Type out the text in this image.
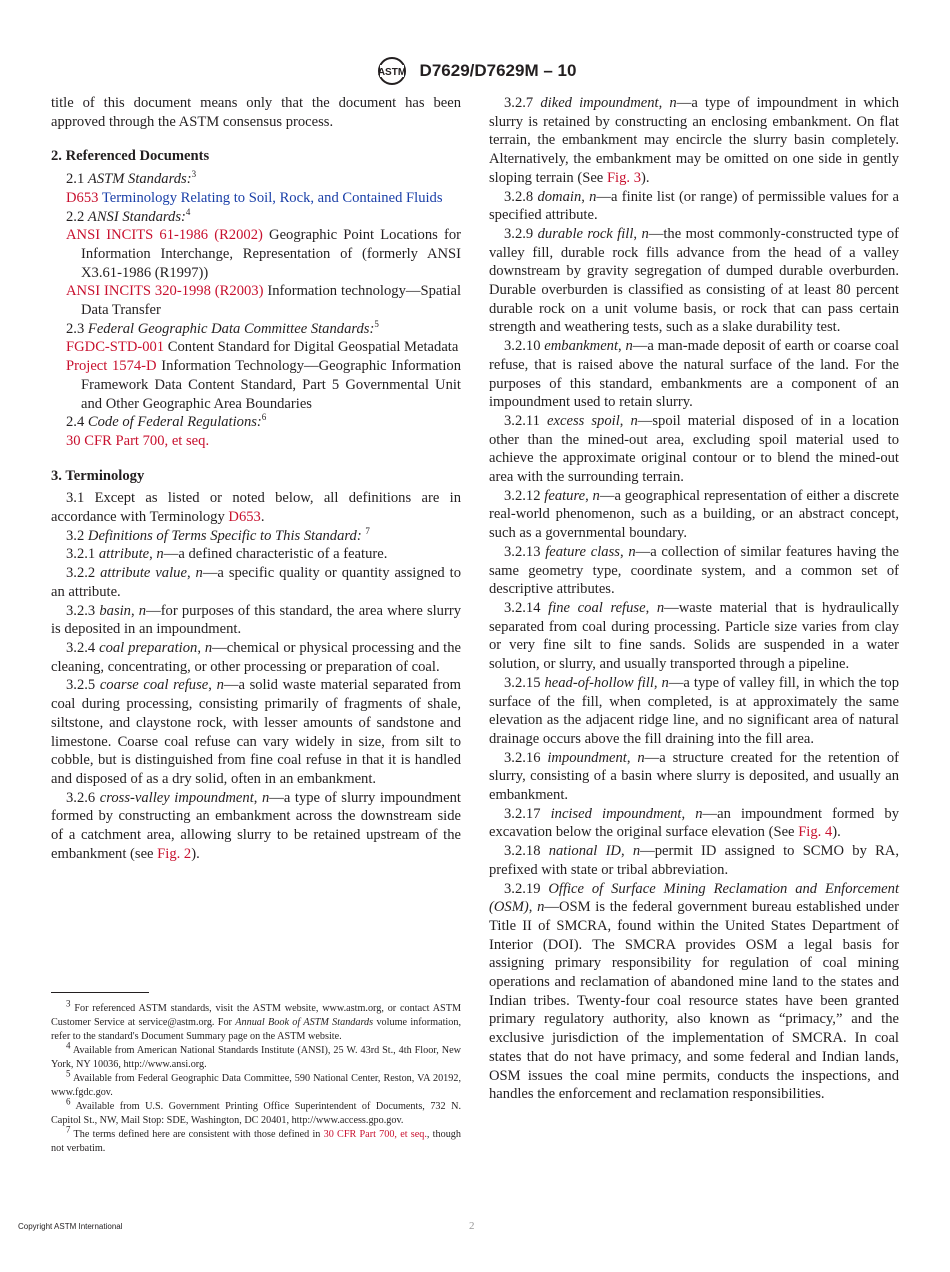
ASTM D7629/D7629M – 10

title of this document means only that the document has been approved through the ASTM consensus process.

2. Referenced Documents

2.1 ASTM Standards:$^3$

D653 Terminology Relating to Soil, Rock, and Contained Fluids

2.2 ANSI Standards:$^4$

ANSI INCITS 61-1986 (R2002) Geographic Point Locations for Information Interchange, Representation of (formerly ANSI X3.61-1986 (R1997))

ANSI INCITS 320-1998 (R2003) Information technology—Spatial Data Transfer

2.3 Federal Geographic Data Committee Standards:$^5$

FGDC-STD-001 Content Standard for Digital Geospatial Metadata

Project 1574-D Information Technology—Geographic Information Framework Data Content Standard, Part 5 Governmental Unit and Other Geographic Area Boundaries

2.4 Code of Federal Regulations:$^6$

30 CFR Part 700, et seq.

3. Terminology

3.1 Except as listed or noted below, all definitions are in accordance with Terminology D653.

3.2 Definitions of Terms Specific to This Standard: $^7$

3.2.1 attribute, n—a defined characteristic of a feature.

3.2.2 attribute value, n—a specific quality or quantity assigned to an attribute.

3.2.3 basin, n—for purposes of this standard, the area where slurry is deposited in an impoundment.

3.2.4 coal preparation, n—chemical or physical processing and the cleaning, concentrating, or other processing or preparation of coal.

3.2.5 coarse coal refuse, n—a solid waste material separated from coal during processing, consisting primarily of fragments of shale, siltstone, and claystone rock, with lesser amounts of sandstone and limestone. Coarse coal refuse can vary widely in size, from silt to cobble, but is distinguished from fine coal refuse in that it is handled and disposed of as a dry solid, often in an embankment.

3.2.6 cross-valley impoundment, n—a type of slurry impoundment formed by constructing an embankment across the downstream side of a catchment area, allowing slurry to be retained upstream of the embankment (see Fig. 2).

$^3$ For referenced ASTM standards, visit the ASTM website, www.astm.org, or contact ASTM Customer Service at service@astm.org. For Annual Book of ASTM Standards volume information, refer to the standard's Document Summary page on the ASTM website.

$^4$ Available from American National Standards Institute (ANSI), 25 W. 43rd St., 4th Floor, New York, NY 10036, http://www.ansi.org.

$^5$ Available from Federal Geographic Data Committee, 590 National Center, Reston, VA 20192, www.fgdc.gov.

$^6$ Available from U.S. Government Printing Office Superintendent of Documents, 732 N. Capitol St., NW, Mail Stop: SDE, Washington, DC 20401, http://www.access.gpo.gov.

$^7$ The terms defined here are consistent with those defined in 30 CFR Part 700, et seq., though not verbatim.

3.2.7 diked impoundment, n—a type of impoundment in which slurry is retained by constructing an enclosing embankment. On flat terrain, the embankment may encircle the slurry basin completely. Alternatively, the embankment may be omitted on one side in gently sloping terrain (See Fig. 3).

3.2.8 domain, n—a finite list (or range) of permissible values for a specified attribute.

3.2.9 durable rock fill, n—the most commonly-constructed type of valley fill, durable rock fills advance from the head of a valley downstream by gravity segregation of dumped durable overburden. Durable overburden is classified as consisting of at least 80 percent durable rock on a unit volume basis, or rock that can pass certain strength and weathering tests, such as a slake durability test.

3.2.10 embankment, n—a man-made deposit of earth or coarse coal refuse, that is raised above the natural surface of the land. For the purposes of this standard, embankments are a component of an impoundment used to retain slurry.

3.2.11 excess spoil, n—spoil material disposed of in a location other than the mined-out area, excluding spoil material used to achieve the approximate original contour or to blend the mined-out area with the surrounding terrain.

3.2.12 feature, n—a geographical representation of either a discrete real-world phenomenon, such as a building, or an abstract concept, such as a governmental boundary.

3.2.13 feature class, n—a collection of similar features having the same geometry type, coordinate system, and a common set of descriptive attributes.

3.2.14 fine coal refuse, n—waste material that is hydraulically separated from coal during processing. Particle size varies from clay or very fine silt to fine sands. Solids are suspended in a water solution, or slurry, and usually transported through a pipeline.

3.2.15 head-of-hollow fill, n—a type of valley fill, in which the top surface of the fill, when completed, is at approximately the same elevation as the adjacent ridge line, and no significant area of natural drainage occurs above the fill draining into the fill area.

3.2.16 impoundment, n—a structure created for the retention of slurry, consisting of a basin where slurry is deposited, and usually an embankment.

3.2.17 incised impoundment, n—an impoundment formed by excavation below the original surface elevation (See Fig. 4).

3.2.18 national ID, n—permit ID assigned to SCMO by RA, prefixed with state or tribal abbreviation.

3.2.19 Office of Surface Mining Reclamation and Enforcement (OSM), n—OSM is the federal government bureau established under Title II of SMCRA, found within the United States Department of Interior (DOI). The SMCRA provides OSM a legal basis for assigning primary responsibility for regulation of coal mining operations and reclamation of abandoned mine land to the states and Indian tribes. Twenty-four coal resource states have been granted primary regulatory authority, also known as “primacy,” and the exclusive jurisdiction of the implementation of SMCRA. In coal states that do not have primacy, and some federal and Indian lands, OSM issues the coal mine permits, conducts the inspections, and handles the enforcement and reclamation responsibilities.

Copyright ASTM International	2
